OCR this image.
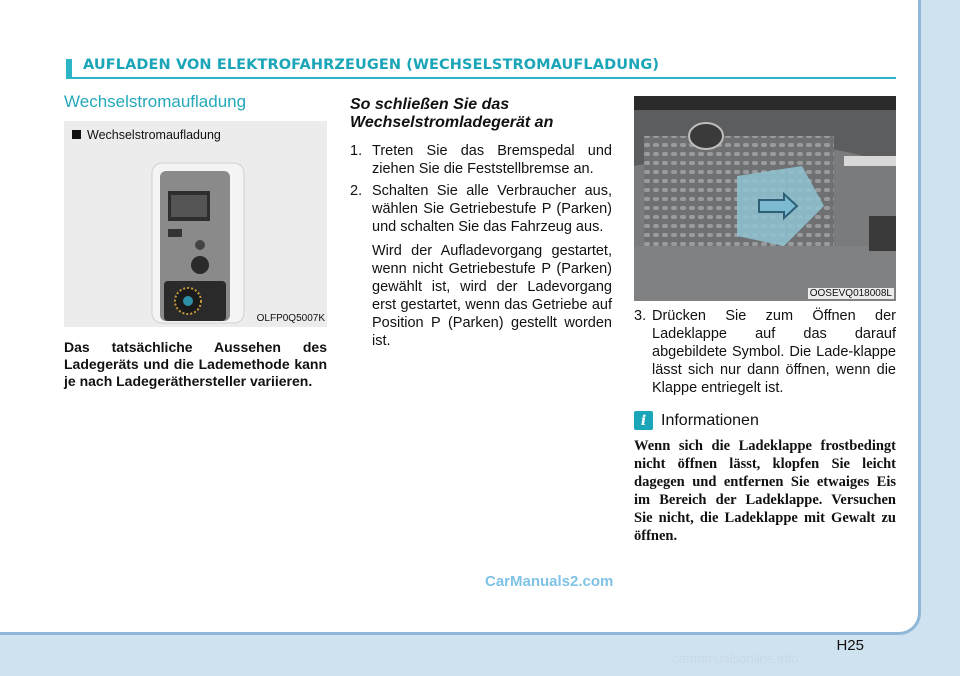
AUFLADEN VON ELEKTROFAHRZEUGEN (WECHSELSTROMAUFLADUNG)
Wechselstromaufladung
Wechselstromaufladung
OLFP0Q5007K
Das tatsächliche Aussehen des Ladegeräts und die Lademethode kann je nach Ladegeräthersteller variieren.
So schließen Sie das
Wechselstromladegerät an
1. Treten Sie das Bremspedal und ziehen Sie die Feststellbremse an.
2. Schalten Sie alle Verbraucher aus, wählen Sie Getriebestufe P (Parken) und schalten Sie das Fahrzeug aus.
Wird der Aufladevorgang gestartet, wenn nicht Getriebestufe P (Parken) gewählt ist, wird der Ladevorgang erst gestartet, wenn das Getriebe auf Position P (Parken) gestellt worden ist.
OOSEVQ018008L
3. Drücken Sie zum Öffnen der Ladeklappe auf das darauf abgebildete Symbol. Die Lade-klappe lässt sich nur dann öffnen, wenn die Klappe entriegelt ist.
i Informationen
Wenn sich die Ladeklappe frostbedingt nicht öffnen lässt, klopfen Sie leicht dagegen und entfernen Sie etwaiges Eis im Bereich der Ladeklappe. Versuchen Sie nicht, die Ladeklappe mit Gewalt zu öffnen.
CarManuals2.com
H25
carmanualsonline.info
